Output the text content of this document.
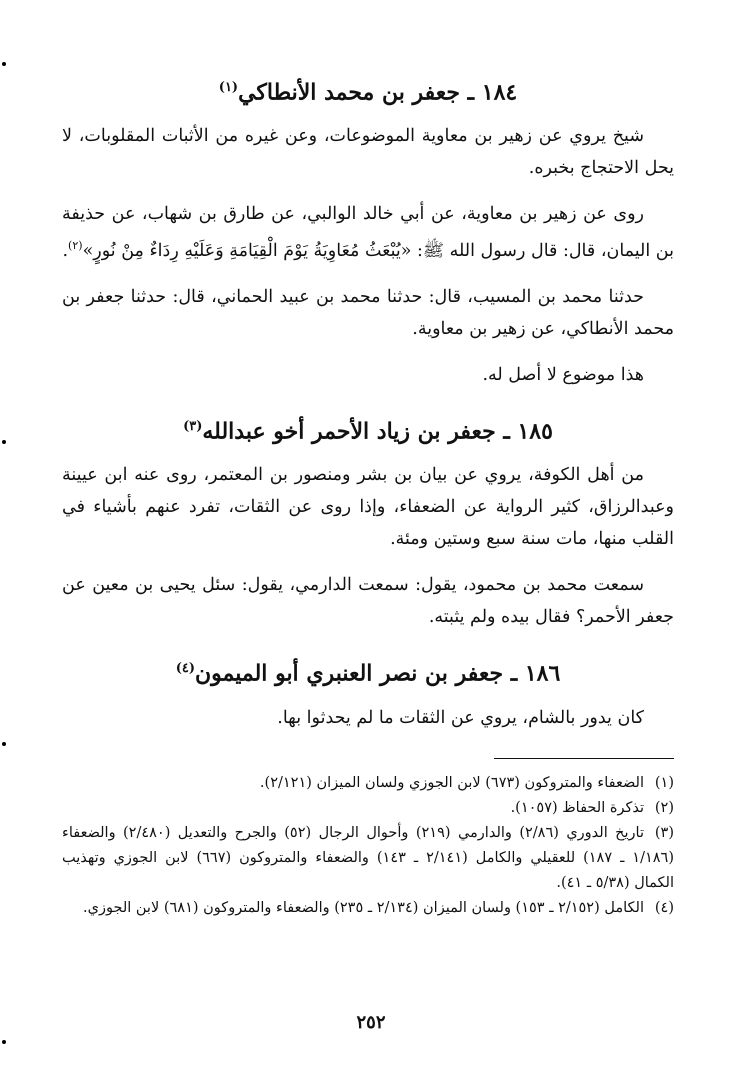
١٨٤ ـ جعفر بن محمد الأنطاكي$^{(١)}$

شيخ يروي عن زهير بن معاوية الموضوعات، وعن غيره من الأثبات المقلوبات، لا يحل الاحتجاج بخبره.

روى عن زهير بن معاوية، عن أبي خالد الوالبي، عن طارق بن شهاب، عن حذيفة بن اليمان، قال: قال رسول الله ﷺ: «يُبْعَثُ مُعَاوِيَةُ يَوْمَ الْقِيَامَةِ وَعَلَيْهِ رِدَاءٌ مِنْ نُورٍ»$^{(٢)}$.

حدثنا محمد بن المسيب، قال: حدثنا محمد بن عبيد الحماني، قال: حدثنا جعفر بن محمد الأنطاكي، عن زهير بن معاوية.

هذا موضوع لا أصل له.

١٨٥ ـ جعفر بن زياد الأحمر أخو عبدالله$^{(٣)}$

من أهل الكوفة، يروي عن بيان بن بشر ومنصور بن المعتمر، روى عنه ابن عيينة وعبدالرزاق، كثير الرواية عن الضعفاء، وإذا روى عن الثقات، تفرد عنهم بأشياء في القلب منها، مات سنة سبع وستين ومئة.

سمعت محمد بن محمود، يقول: سمعت الدارمي، يقول: سئل يحيى بن معين عن جعفر الأحمر؟ فقال بيده ولم يثبته.

١٨٦ ـ جعفر بن نصر العنبري أبو الميمون$^{(٤)}$

كان يدور بالشام، يروي عن الثقات ما لم يحدثوا بها.

(١)الضعفاء والمتروكون (٦٧٣) لابن الجوزي ولسان الميزان (٢/١٢١).

(٢)تذكرة الحفاظ (١٠٥٧).

(٣)تاريخ الدوري (٢/٨٦) والدارمي (٢١٩) وأحوال الرجال (٥٢) والجرح والتعديل (٢/٤٨٠) والضعفاء (١/١٨٦ ـ ١٨٧) للعقيلي والكامل (٢/١٤١ ـ ١٤٣) والضعفاء والمتروكون (٦٦٧) لابن الجوزي وتهذيب الكمال (٥/٣٨ ـ ٤١).

(٤)الكامل (٢/١٥٢ ـ ١٥٣) ولسان الميزان (٢/١٣٤ ـ ٢٣٥) والضعفاء والمتروكون (٦٨١) لابن الجوزي.

٢٥٢
